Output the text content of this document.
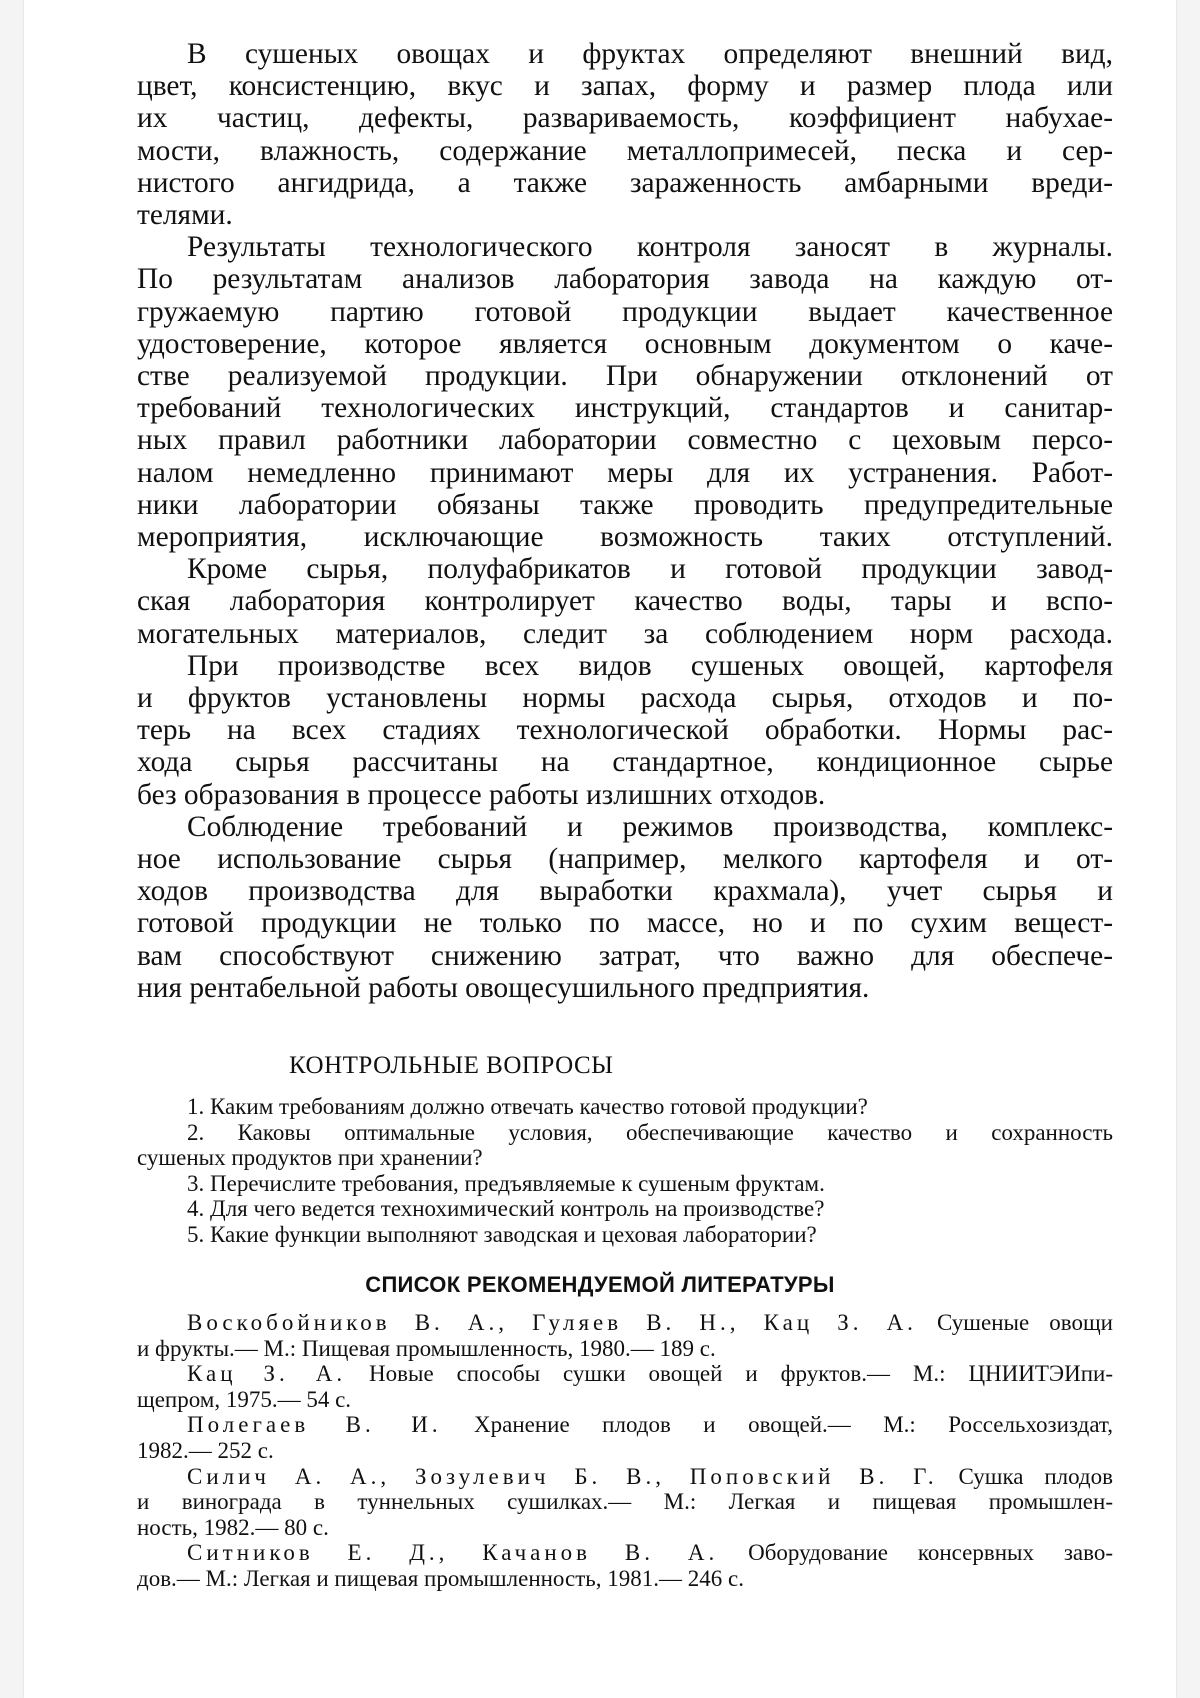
В сушеных овощах и фруктах определяют внешний вид,
цвет, консистенцию, вкус и запах, форму и размер плода или
их частиц, дефекты, развариваемость, коэффициент набухае-
мости, влажность, содержание металлопримесей, песка и сер-
нистого ангидрида, а также зараженность амбарными вреди-
телями.

Результаты технологического контроля заносят в журналы.
По результатам анализов лаборатория завода на каждую от-
гружаемую партию готовой продукции выдает качественное
удостоверение, которое является основным документом о каче-
стве реализуемой продукции. При обнаружении отклонений от
требований технологических инструкций, стандартов и санитар-
ных правил работники лаборатории совместно с цеховым персо-
налом немедленно принимают меры для их устранения. Работ-
ники лаборатории обязаны также проводить предупредительные
мероприятия, исключающие возможность таких отступлений.

Кроме сырья, полуфабрикатов и готовой продукции завод-
ская лаборатория контролирует качество воды, тары и вспо-
могательных материалов, следит за соблюдением норм расхода.

При производстве всех видов сушеных овощей, картофеля
и фруктов установлены нормы расхода сырья, отходов и по-
терь на всех стадиях технологической обработки. Нормы рас-
хода сырья рассчитаны на стандартное, кондиционное сырье
без образования в процессе работы излишних отходов.

Соблюдение требований и режимов производства, комплекс-
ное использование сырья (например, мелкого картофеля и от-
ходов производства для выработки крахмала), учет сырья и
готовой продукции не только по массе, но и по сухим вещест-
вам способствуют снижению затрат, что важно для обеспече-
ния рентабельной работы овощесушильного предприятия.

КОНТРОЛЬНЫЕ ВОПРОСЫ
1. Каким требованиям должно отвечать качество готовой продукции?
2. Каковы оптимальные условия, обеспечивающие качество и сохранность
сушеных продуктов при хранении?
3. Перечислите требования, предъявляемые к сушеным фруктам.
4. Для чего ведется технохимический контроль на производстве?
5. Какие функции выполняют заводская и цеховая лаборатории?
СПИСОК РЕКОМЕНДУЕМОЙ ЛИТЕРАТУРЫ
Воскобойников В. А., Гуляев В. Н., Кац З. А. Сушеные овощи
и фрукты.— М.: Пищевая промышленность, 1980.— 189 с.
Кац З. А. Новые способы сушки овощей и фруктов.— М.: ЦНИИТЭИпи-
щепром, 1975.— 54 с.
Полегаев В. И. Хранение плодов и овощей.— М.: Россельхозиздат,
1982.— 252 с.
Силич А. А., Зозулевич Б. В., Поповский В. Г. Сушка плодов
и винограда в туннельных сушилках.— М.: Легкая и пищевая промышлен-
ность, 1982.— 80 с.
Ситников Е. Д., Качанов В. А. Оборудование консервных заво-
дов.— М.: Легкая и пищевая промышленность, 1981.— 246 с.
